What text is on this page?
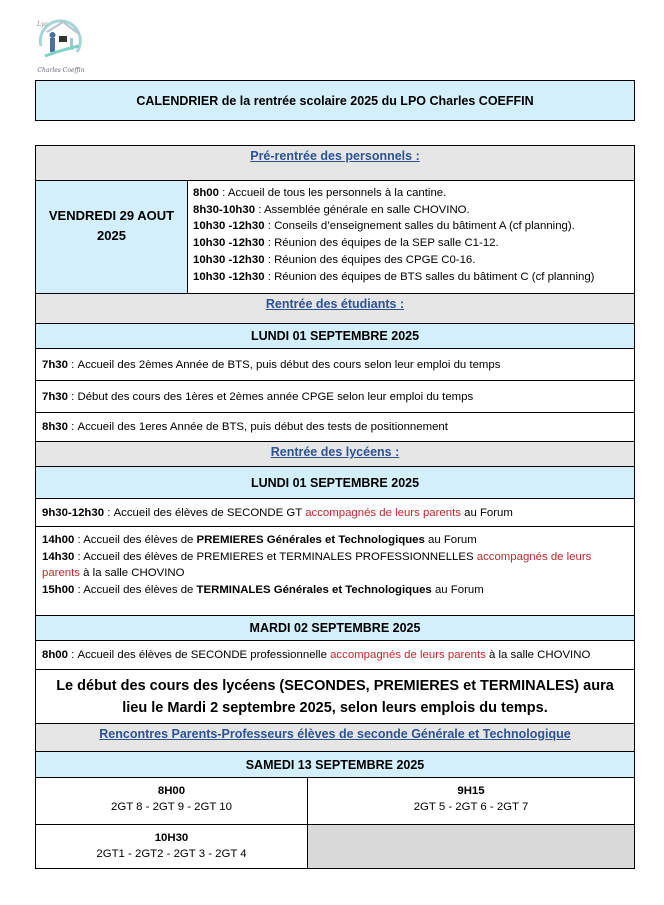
Lyc
Charles Coeffin
CALENDRIER de la rentrée scolaire 2025 du LPO Charles COEFFIN
Pré-rentrée des personnels :
VENDREDI 29 AOUT 2025
8h00 : Accueil de tous les personnels à la cantine.
8h30-10h30 : Assemblée générale en salle CHOVINO.
10h30 -12h30 : Conseils d’enseignement salles du bâtiment A (cf planning).
10h30 -12h30 : Réunion des équipes de la SEP salle C1-12.
10h30 -12h30 : Réunion des équipes des CPGE C0-16.
10h30 -12h30 : Réunion des équipes de BTS salles du bâtiment C (cf planning)
Rentrée des étudiants :
LUNDI 01 SEPTEMBRE 2025
7h30 : Accueil des 2èmes Année de BTS, puis début des cours selon leur emploi du temps
7h30 : Début des cours des 1ères et 2èmes année CPGE selon leur emploi du temps
8h30 : Accueil des 1eres Année de BTS, puis début des tests de positionnement
Rentrée des lycéens :
LUNDI 01 SEPTEMBRE 2025
9h30-12h30 : Accueil des élèves de SECONDE GT accompagnés de leurs parents au Forum
14h00 : Accueil des élèves de PREMIERES Générales et Technologiques au Forum
14h30 : Accueil des élèves de PREMIERES et TERMINALES PROFESSIONNELLES accompagnés de leurs parents à la salle CHOVINO
15h00 : Accueil des élèves de TERMINALES Générales et Technologiques au Forum
MARDI 02 SEPTEMBRE 2025
8h00 : Accueil des élèves de SECONDE professionnelle accompagnés de leurs parents à la salle CHOVINO
Le début des cours des lycéens (SECONDES, PREMIERES et TERMINALES) aura lieu le Mardi 2 septembre 2025, selon leurs emplois du temps.
Rencontres Parents-Professeurs élèves de seconde Générale et Technologique
SAMEDI 13 SEPTEMBRE 2025
8H00
2GT 8 - 2GT 9 - 2GT 10
9H15
2GT 5 - 2GT 6 - 2GT 7
10H30
2GT1 - 2GT2 - 2GT 3 - 2GT 4
